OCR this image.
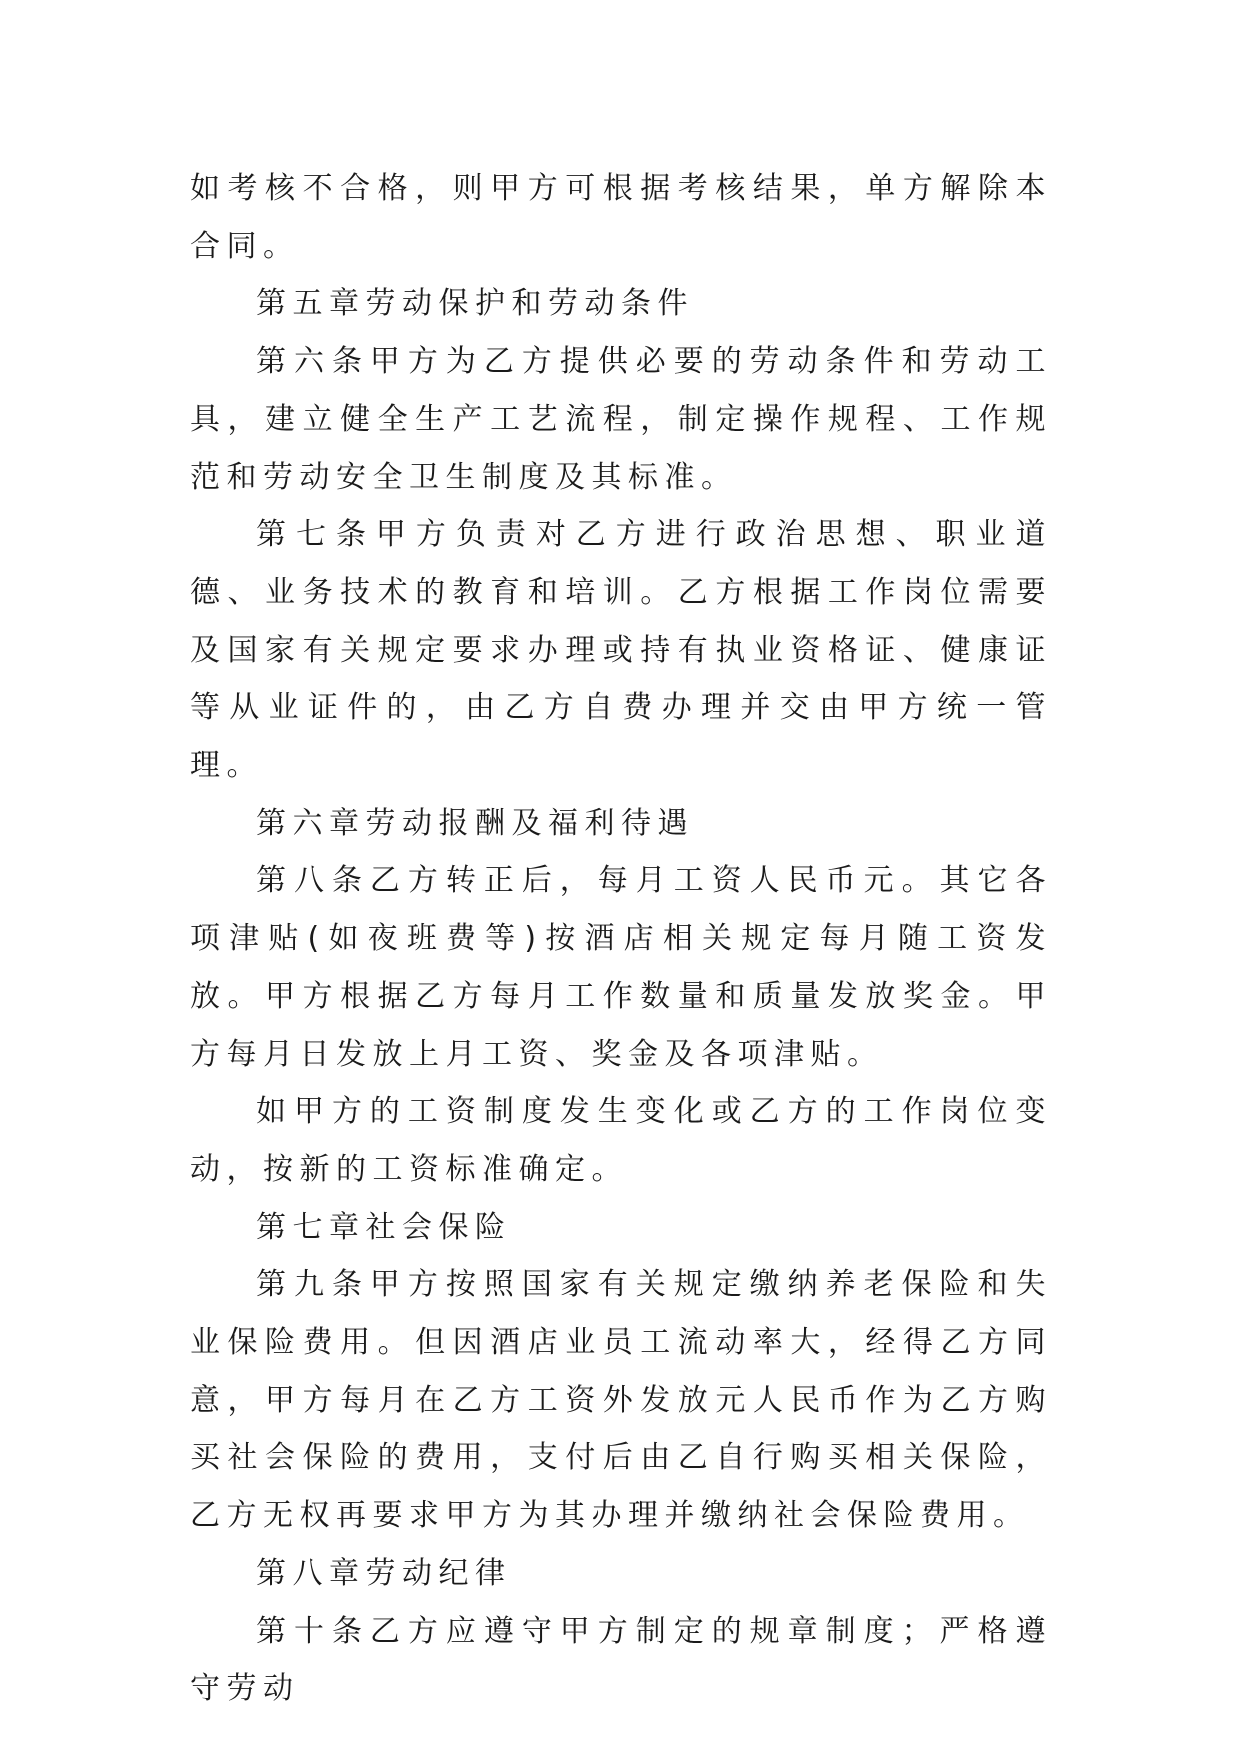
如考核不合格，则甲方可根据考核结果，单方解除本合同。

第五章劳动保护和劳动条件

第六条甲方为乙方提供必要的劳动条件和劳动工具，建立健全生产工艺流程，制定操作规程、工作规范和劳动安全卫生制度及其标准。

第七条甲方负责对乙方进行政治思想、职业道德、业务技术的教育和培训。乙方根据工作岗位需要及国家有关规定要求办理或持有执业资格证、健康证等从业证件的，由乙方自费办理并交由甲方统一管理。

第六章劳动报酬及福利待遇

第八条乙方转正后，每月工资人民币元。其它各项津贴(如夜班费等)按酒店相关规定每月随工资发放。甲方根据乙方每月工作数量和质量发放奖金。甲方每月日发放上月工资、奖金及各项津贴。

如甲方的工资制度发生变化或乙方的工作岗位变动，按新的工资标准确定。

第七章社会保险

第九条甲方按照国家有关规定缴纳养老保险和失业保险费用。但因酒店业员工流动率大，经得乙方同意，甲方每月在乙方工资外发放元人民币作为乙方购买社会保险的费用，支付后由乙自行购买相关保险，乙方无权再要求甲方为其办理并缴纳社会保险费用。

第八章劳动纪律

第十条乙方应遵守甲方制定的规章制度；严格遵守劳动
